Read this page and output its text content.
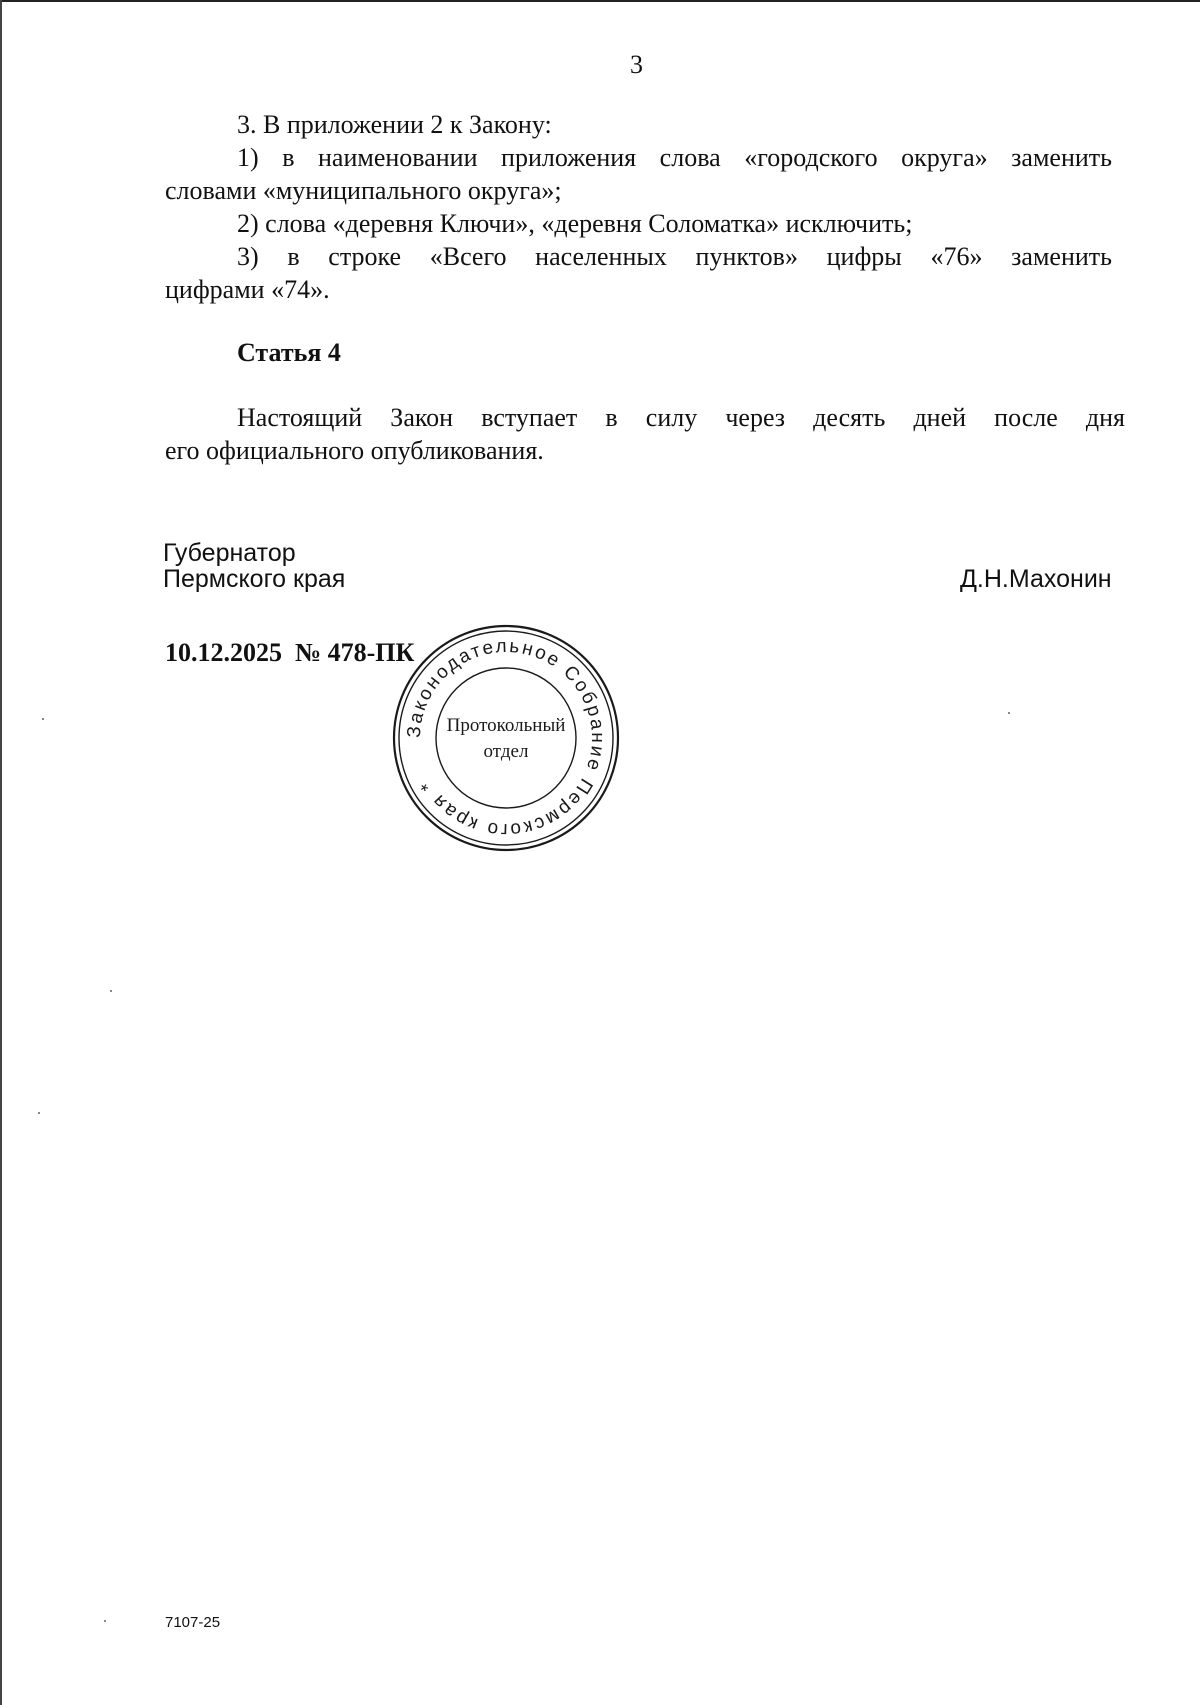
3
3. В приложении 2 к Закону:
1) в наименовании приложения слова «городского округа» заменить
словами «муниципального округа»;
2) слова «деревня Ключи», «деревня Соломатка» исключить;
3) в строке «Всего населенных пунктов» цифры «76» заменить
цифрами «74».
Статья 4
Настоящий Закон вступает в силу через десять дней после дня
его официального опубликования.
Губернатор
Пермского края	Д.Н.Махонин
10.12.2025  № 478-ПК
Законодательное Собрание Пермского края *
Протокольный
отдел
7107-25
